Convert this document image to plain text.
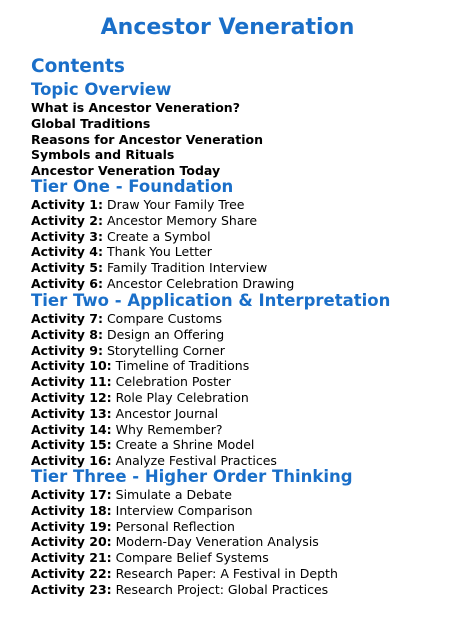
Ancestor Veneration
Contents
Topic Overview
What is Ancestor Veneration?
Global Traditions
Reasons for Ancestor Veneration
Symbols and Rituals
Ancestor Veneration Today
Tier One - Foundation
Activity 1: Draw Your Family Tree
Activity 2: Ancestor Memory Share
Activity 3: Create a Symbol
Activity 4: Thank You Letter
Activity 5: Family Tradition Interview
Activity 6: Ancestor Celebration Drawing
Tier Two - Application & Interpretation
Activity 7: Compare Customs
Activity 8: Design an Offering
Activity 9: Storytelling Corner
Activity 10: Timeline of Traditions
Activity 11: Celebration Poster
Activity 12: Role Play Celebration
Activity 13: Ancestor Journal
Activity 14: Why Remember?
Activity 15: Create a Shrine Model
Activity 16: Analyze Festival Practices
Tier Three - Higher Order Thinking
Activity 17: Simulate a Debate
Activity 18: Interview Comparison
Activity 19: Personal Reflection
Activity 20: Modern-Day Veneration Analysis
Activity 21: Compare Belief Systems
Activity 22: Research Paper: A Festival in Depth
Activity 23: Research Project: Global Practices
